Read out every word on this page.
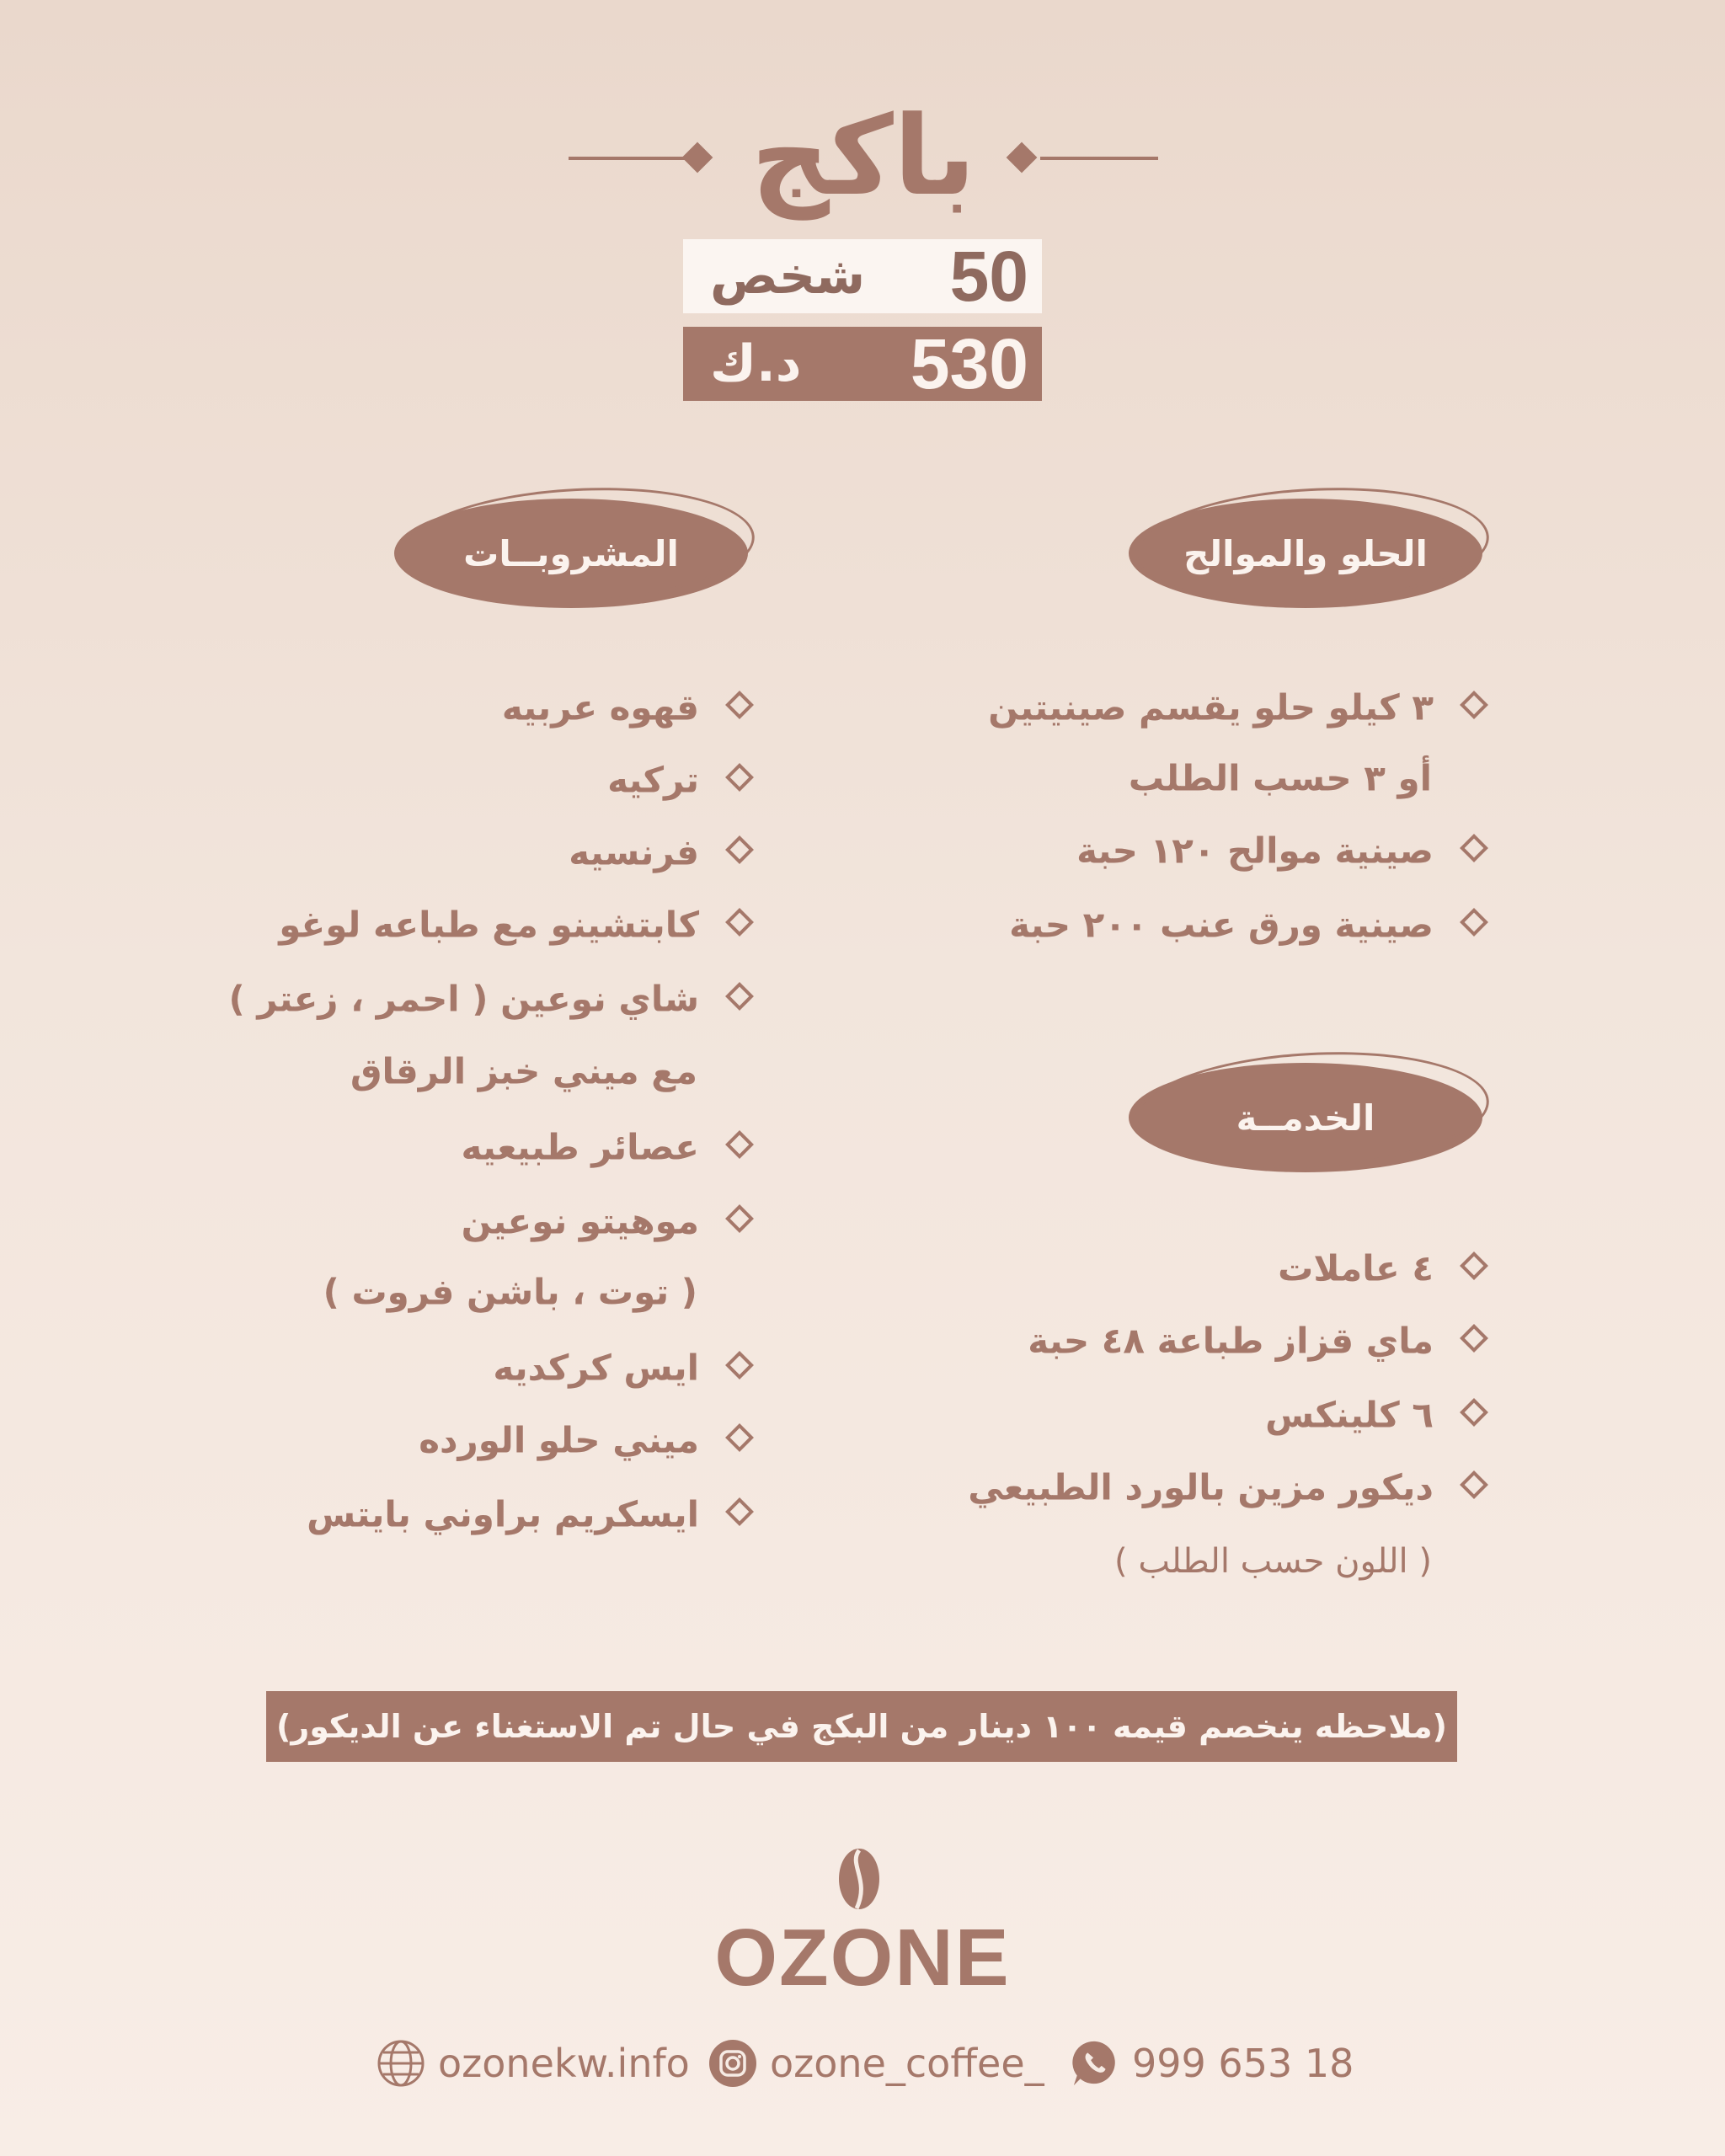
باكج
شخص 50
د.ك 530
المشروبــات	الحلو والموالح
الخدمــة
٣ كيلو حلو يقسم صينيتين
أو ٣ حسب الطلب
صينية موالح ١٢٠ حبة
صينية ورق عنب ٢٠٠ حبة
٤ عاملات
ماي قزاز طباعة ٤٨ حبة
٦ كلينكس
ديكور مزين بالورد الطبيعي
( اللون حسب الطلب )
قهوه عربيه
تركيه
فرنسيه
كابتشينو مع طباعه لوغو
شاي نوعين ( احمر ، زعتر )
مع ميني خبز الرقاق
عصائر طبيعيه
موهيتو نوعين
( توت ، باشن فروت )
ايس كركديه
ميني حلو الورده
ايسكريم براوني بايتس
(ملاحظه ينخصم قيمه ١٠٠ دينار من البكج في حال تم الاستغناء عن الديكور)
OZONE
ozonekw.info ozone_coffee_ 999 653 18
